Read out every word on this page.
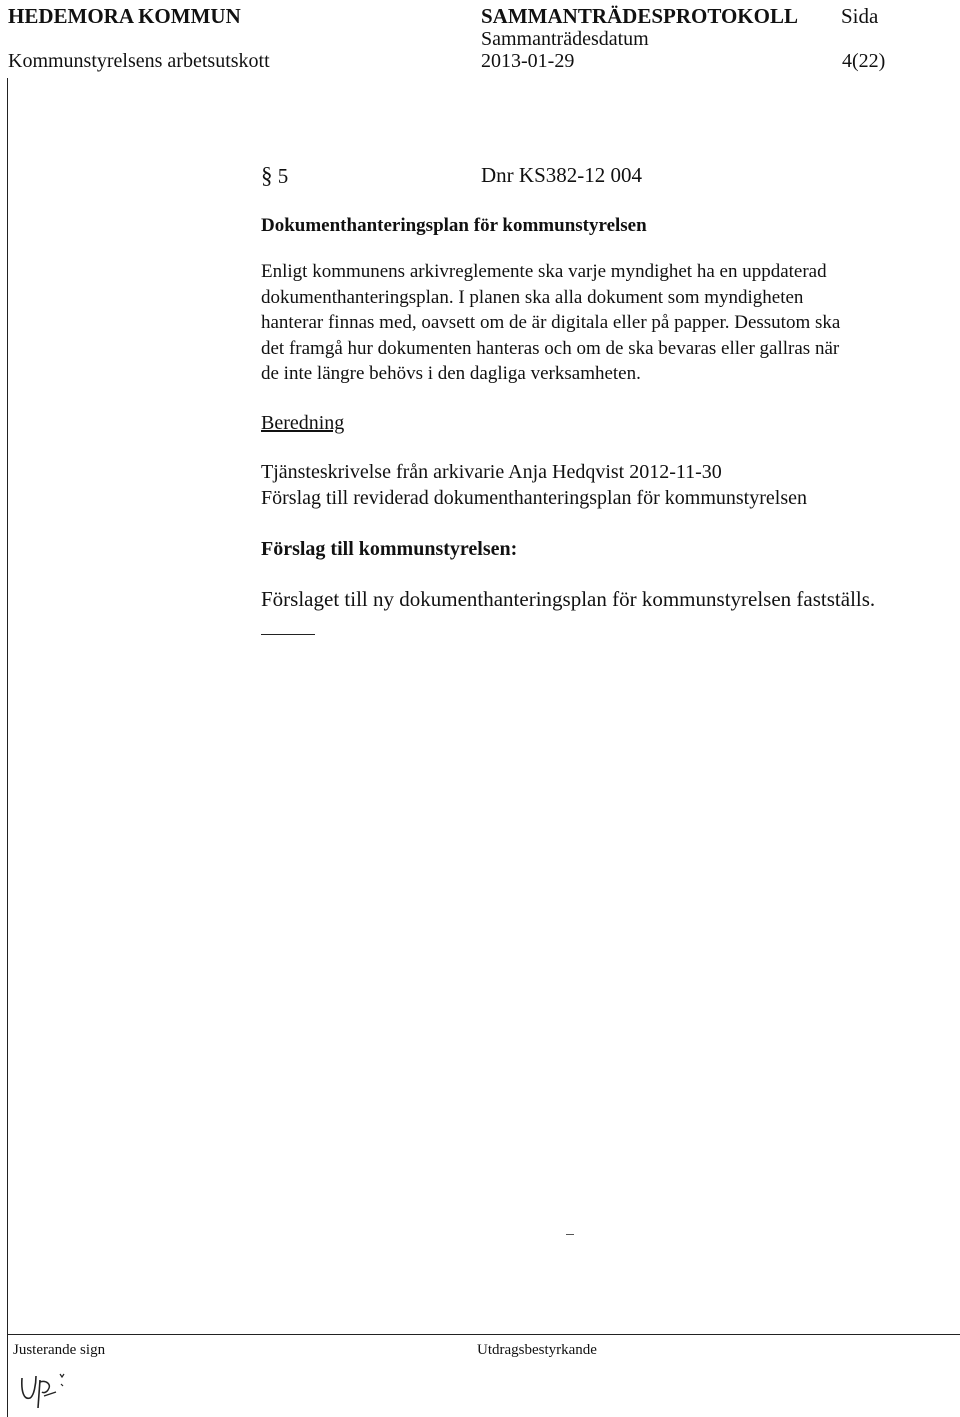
HEDEMORA KOMMUN	SAMMANTRÄDESPROTOKOLL Sida
Sammanträdesdatum
Kommunstyrelsens arbetsutskott	2013-01-29	4(22)
§ 5	Dnr KS382-12 004
Dokumenthanteringsplan för kommunstyrelsen
Enligt kommunens arkivreglemente ska varje myndighet ha en uppdaterad
dokumenthanteringsplan. I planen ska alla dokument som myndigheten
hanterar finnas med, oavsett om de är digitala eller på papper. Dessutom ska
det framgå hur dokumenten hanteras och om de ska bevaras eller gallras när
de inte längre behövs i den dagliga verksamheten.
Beredning
Tjänsteskrivelse från arkivarie Anja Hedqvist 2012-11-30
Förslag till reviderad dokumenthanteringsplan för kommunstyrelsen
Förslag till kommunstyrelsen:
Förslaget till ny dokumenthanteringsplan för kommunstyrelsen fastställs.
Justerande sign	Utdragsbestyrkande
